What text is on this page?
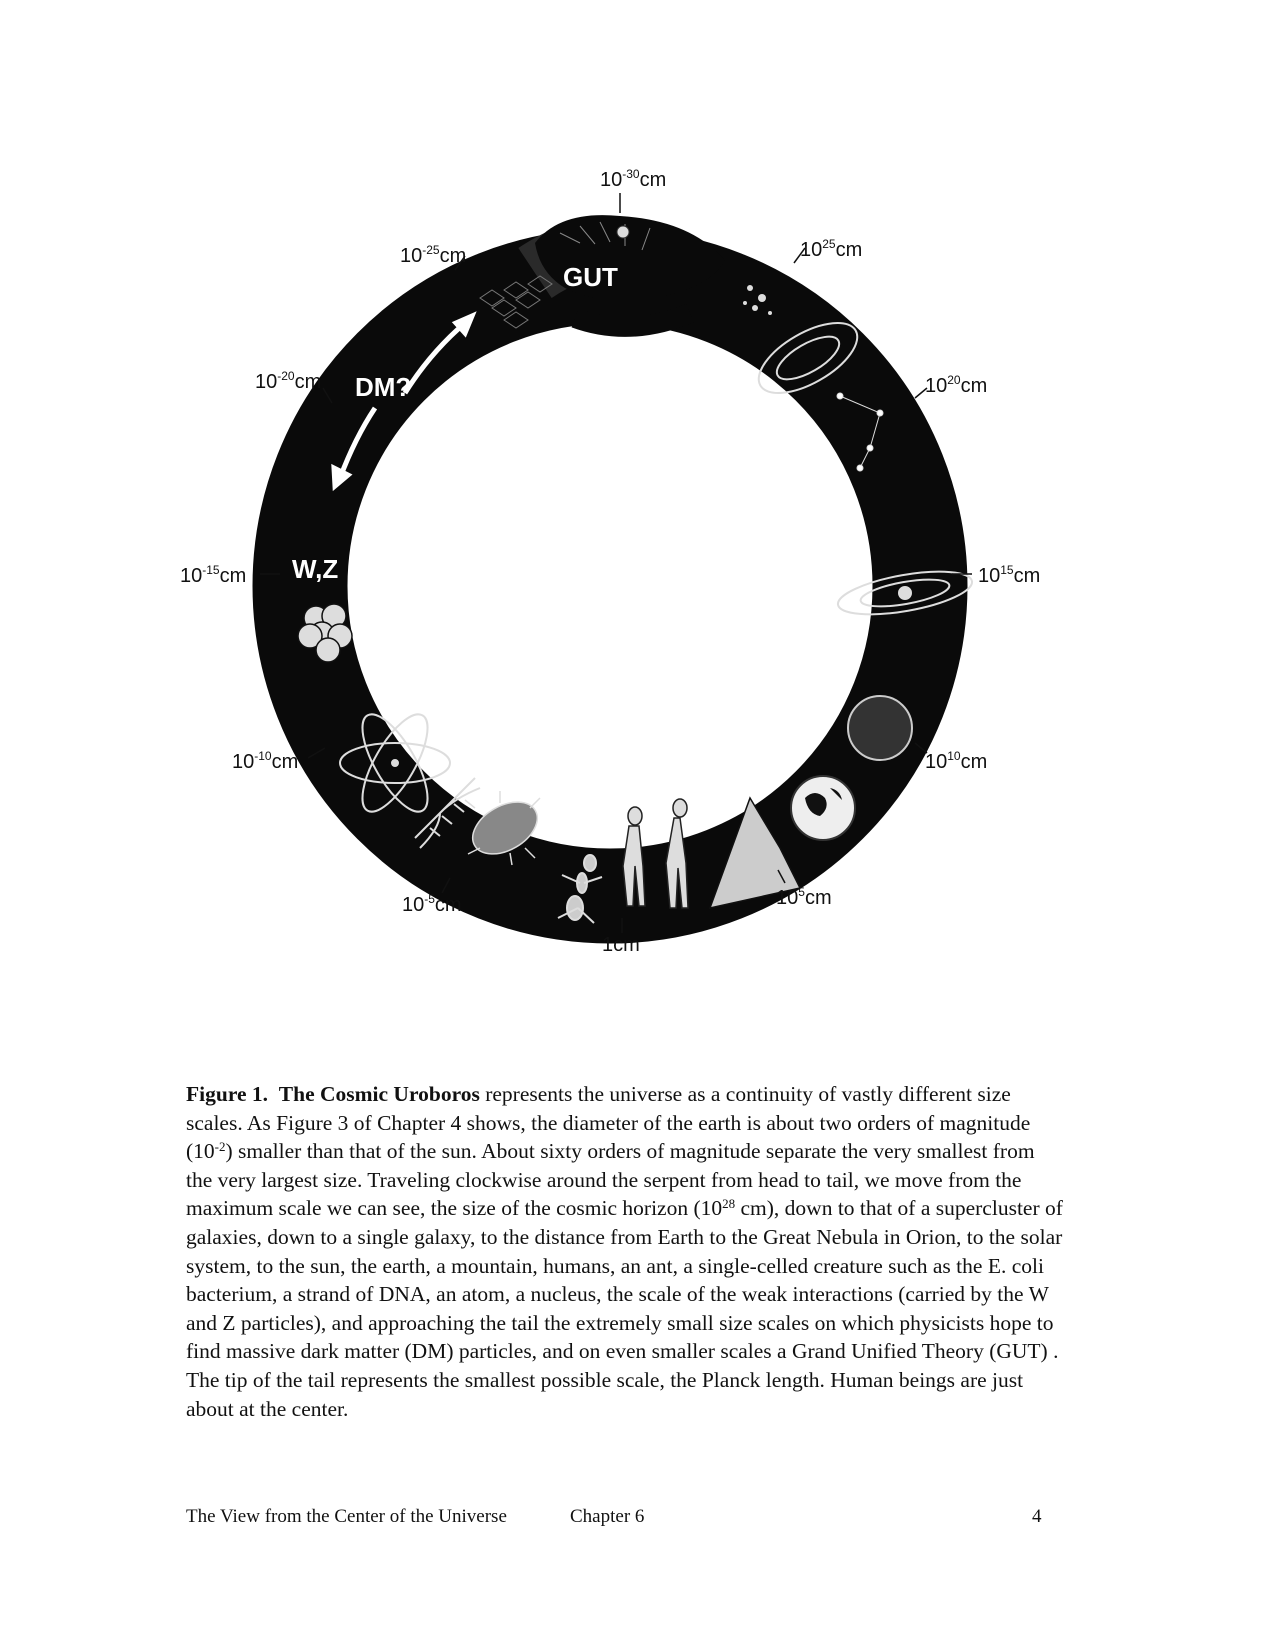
GUT
DM?
W,Z
$10^{-30}cm$
$10^{-25}cm$
$10^{-20}cm$
$10^{-15}cm$
$10^{-10}cm$
$10^{-5}cm$
1cm
$10^5cm$
$10^{10}cm$
$10^{15}cm$
$10^{20}cm$
$10^{25}cm$

Figure 1. The Cosmic Uroboros represents the universe as a continuity of vastly different size scales. As Figure 3 of Chapter 4 shows, the diameter of the earth is about two orders of magnitude $(10^{-2})$ smaller than that of the sun. About sixty orders of magnitude separate the very smallest from the very largest size. Traveling clockwise around the serpent from head to tail, we move from the maximum scale we can see, the size of the cosmic horizon ($10^{28}$ cm), down to that of a supercluster of galaxies, down to a single galaxy, to the distance from Earth to the Great Nebula in Orion, to the solar system, to the sun, the earth, a mountain, humans, an ant, a single-celled creature such as the E. coli bacterium, a strand of DNA, an atom, a nucleus, the scale of the weak interactions (carried by the W and Z particles), and approaching the tail the extremely small size scales on which physicists hope to find massive dark matter (DM) particles, and on even smaller scales a Grand Unified Theory (GUT) . The tip of the tail represents the smallest possible scale, the Planck length. Human beings are just about at the center.

The View from the Center of the Universe	Chapter 6	4
